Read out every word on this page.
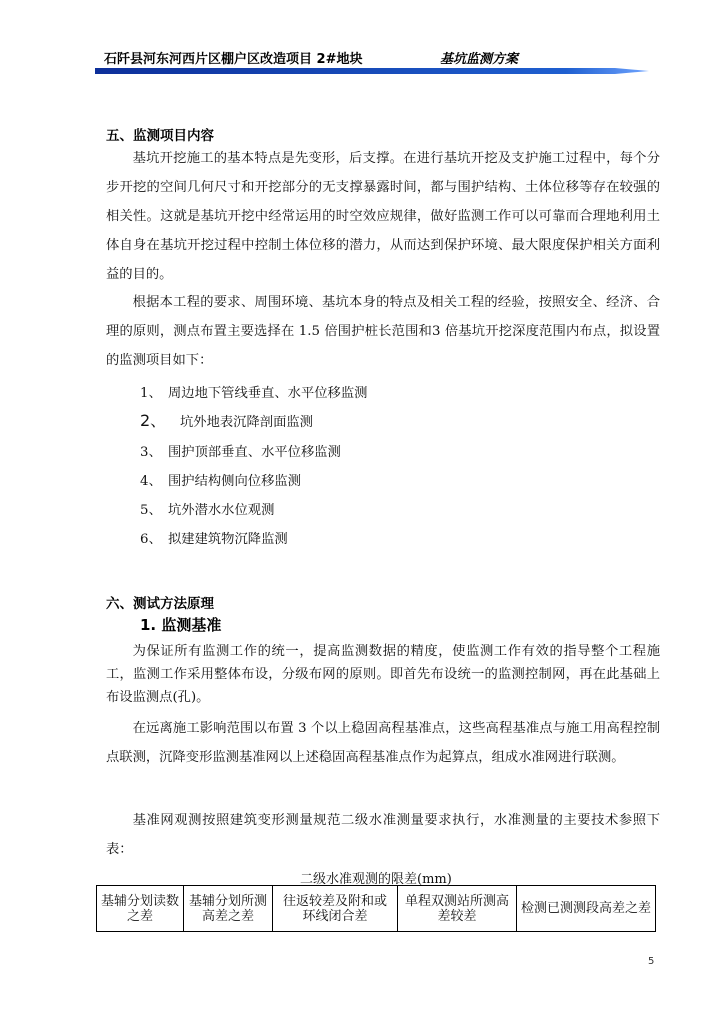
石阡县河东河西片区棚户区改造项目 2#地块	基坑监测方案
五、监测项目内容

基坑开挖施工的基本特点是先变形，后支撑。在进行基坑开挖及支护施工过程中，每个分步开挖的空间几何尺寸和开挖部分的无支撑暴露时间，都与围护结构、土体位移等存在较强的相关性。这就是基坑开挖中经常运用的时空效应规律，做好监测工作可以可靠而合理地利用土体自身在基坑开挖过程中控制土体位移的潜力，从而达到保护环境、最大限度保护相关方面利益的目的。

根据本工程的要求、周围环境、基坑本身的特点及相关工程的经验，按照安全、经济、合理的原则，测点布置主要选择在 1.5 倍围护桩长范围和3 倍基坑开挖深度范围内布点，拟设置的监测项目如下：

1、 周边地下管线垂直、水平位移监测
2、 坑外地表沉降剖面监测
3、 围护顶部垂直、水平位移监测
4、 围护结构侧向位移监测
5、 坑外潜水水位观测
6、 拟建建筑物沉降监测
六、测试方法原理
1. 监测基准

为保证所有监测工作的统一，提高监测数据的精度，使监测工作有效的指导整个工程施工，监测工作采用整体布设，分级布网的原则。即首先布设统一的监测控制网，再在此基础上布设监测点(孔)。

在远离施工影响范围以布置 3 个以上稳固高程基准点，这些高程基准点与施工用高程控制点联测，沉降变形监测基准网以上述稳固高程基准点作为起算点，组成水准网进行联测。

基准网观测按照建筑变形测量规范二级水准测量要求执行，水准测量的主要技术参照下表：

二级水准观测的限差(mm)
基辅分划读数之差	基辅分划所测高差之差	往返较差及附和或环线闭合差	单程双测站所测高差较差	检测已测测段高差之差
5
